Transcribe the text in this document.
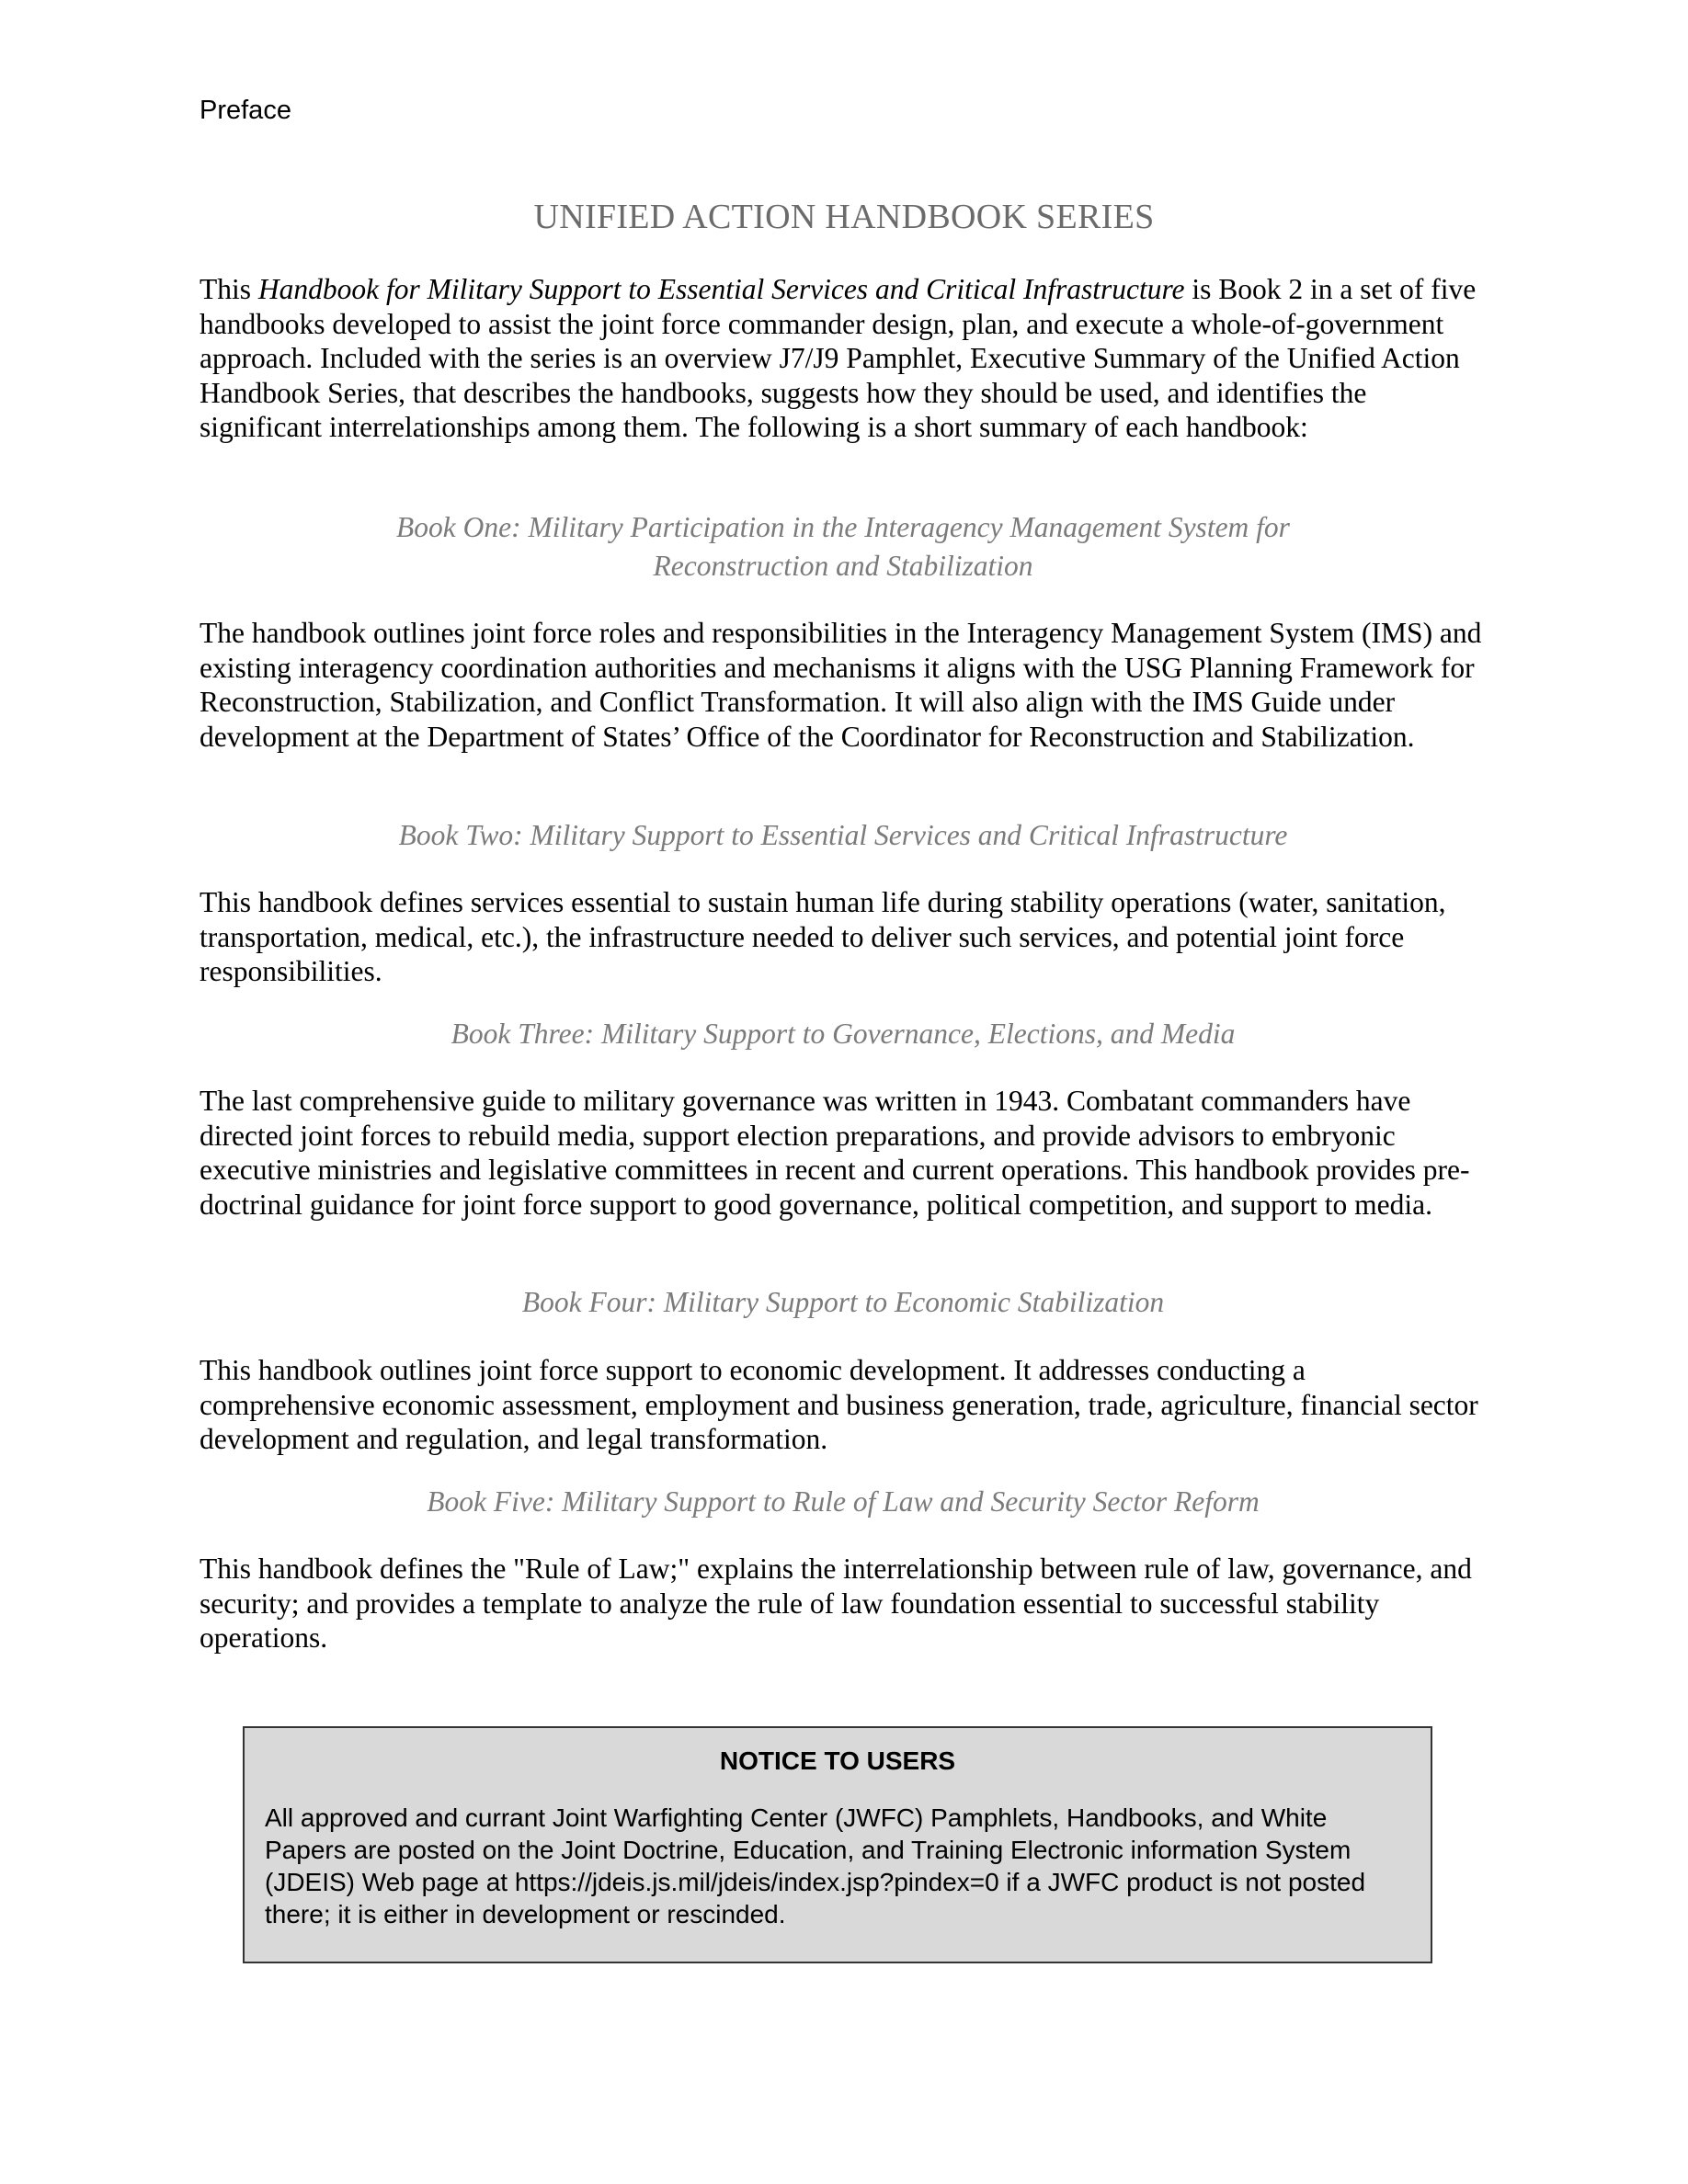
Preface
UNIFIED ACTION HANDBOOK SERIES

This Handbook for Military Support to Essential Services and Critical Infrastructure is Book 2 in a set of five handbooks developed to assist the joint force commander design, plan, and execute a whole-of-government approach. Included with the series is an overview J7/J9 Pamphlet, Executive Summary of the Unified Action Handbook Series, that describes the handbooks, suggests how they should be used, and identifies the significant interrelationships among them. The following is a short summary of each handbook:

Book One: Military Participation in the Interagency Management System for
Reconstruction and Stabilization

The handbook outlines joint force roles and responsibilities in the Interagency Management System (IMS) and existing interagency coordination authorities and mechanisms it aligns with the USG Planning Framework for Reconstruction, Stabilization, and Conflict Transformation. It will also align with the IMS Guide under development at the Department of States’ Office of the Coordinator for Reconstruction and Stabilization.

Book Two: Military Support to Essential Services and Critical Infrastructure

This handbook defines services essential to sustain human life during stability operations (water, sanitation, transportation, medical, etc.), the infrastructure needed to deliver such services, and potential joint force responsibilities.

Book Three: Military Support to Governance, Elections, and Media

The last comprehensive guide to military governance was written in 1943. Combatant commanders have directed joint forces to rebuild media, support election preparations, and provide advisors to embryonic executive ministries and legislative committees in recent and current operations. This handbook provides pre-doctrinal guidance for joint force support to good governance, political competition, and support to media.

Book Four: Military Support to Economic Stabilization

This handbook outlines joint force support to economic development. It addresses conducting a comprehensive economic assessment, employment and business generation, trade, agriculture, financial sector development and regulation, and legal transformation.

Book Five: Military Support to Rule of Law and Security Sector Reform

This handbook defines the "Rule of Law;" explains the interrelationship between rule of law, governance, and security; and provides a template to analyze the rule of law foundation essential to successful stability operations.

NOTICE TO USERS

All approved and currant Joint Warfighting Center (JWFC) Pamphlets, Handbooks, and White Papers are posted on the Joint Doctrine, Education, and Training Electronic information System (JDEIS) Web page at https://jdeis.js.mil/jdeis/index.jsp?pindex=0 if a JWFC product is not posted there; it is either in development or rescinded.
